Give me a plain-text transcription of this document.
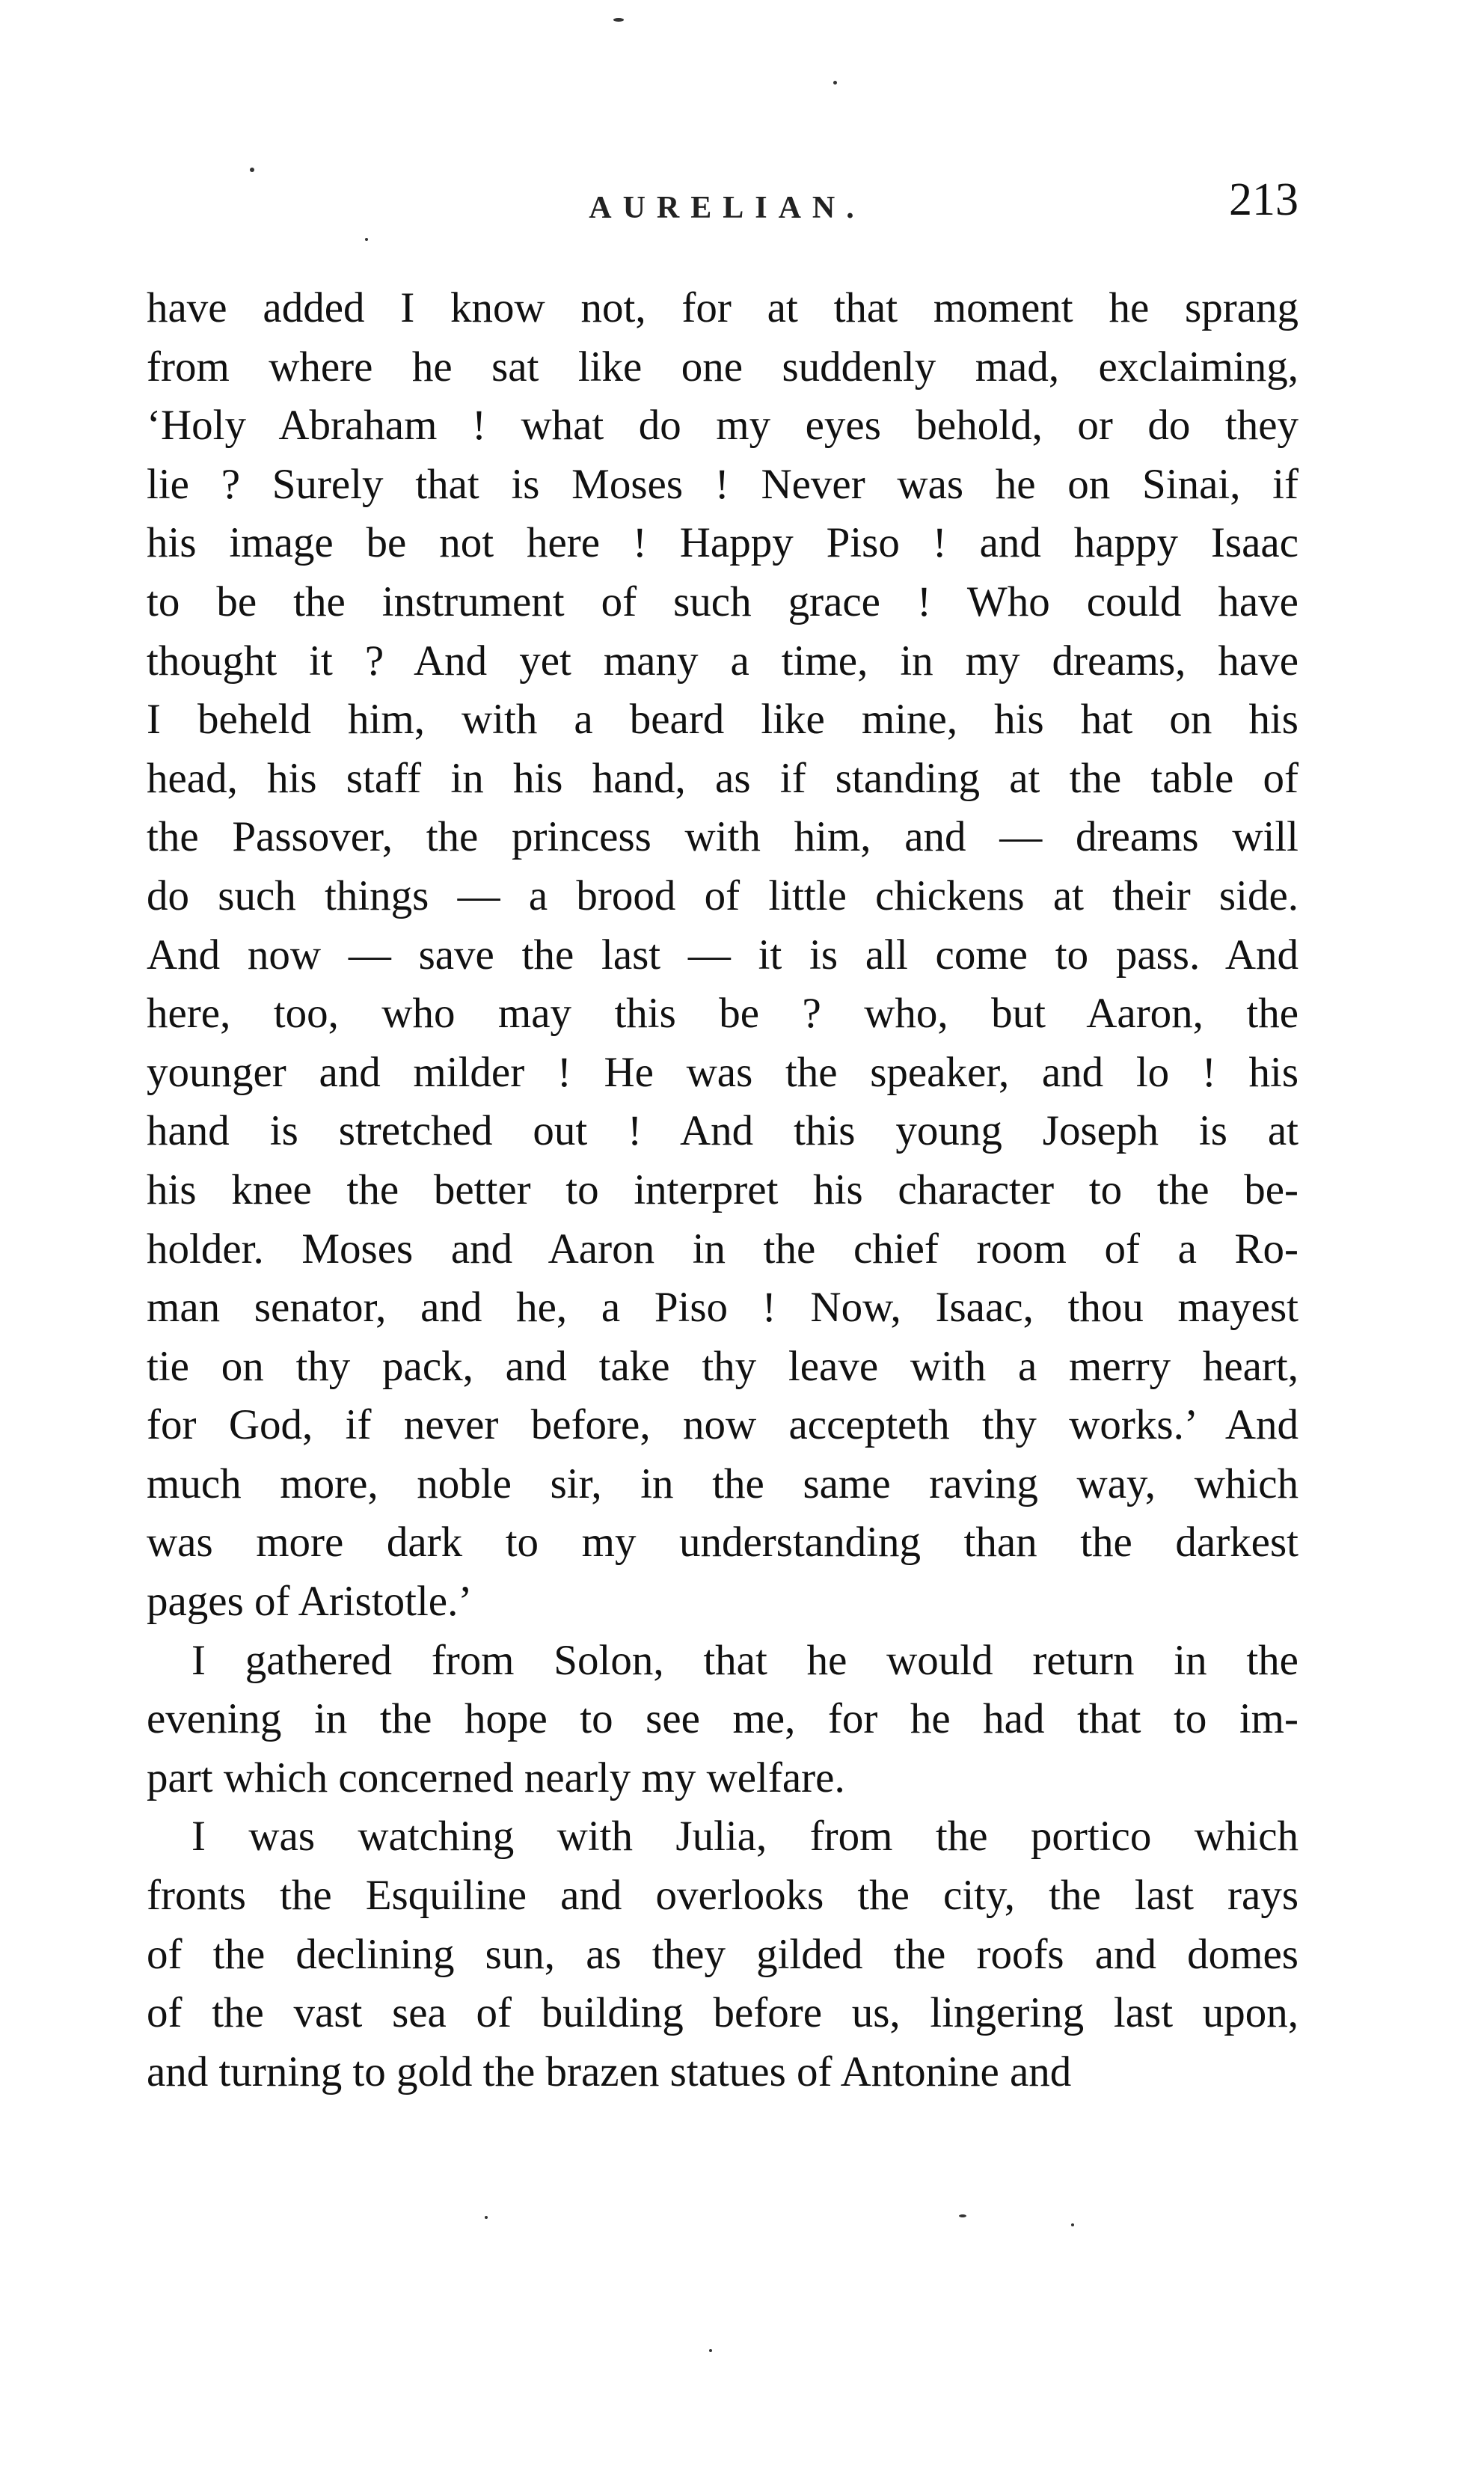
AURELIAN.	213
have added I know not, for at that moment he sprang
from where he sat like one suddenly mad, exclaiming,
‘Holy Abraham ! what do my eyes behold, or do they
lie ? Surely that is Moses ! Never was he on Sinai, if
his image be not here ! Happy Piso ! and happy Isaac
to be the instrument of such grace ! Who could have
thought it ? And yet many a time, in my dreams, have
I beheld him, with a beard like mine, his hat on his
head, his staff in his hand, as if standing at the table of
the Passover, the princess with him, and — dreams will
do such things — a brood of little chickens at their side.
And now — save the last — it is all come to pass. And
here, too, who may this be ? who, but Aaron, the
younger and milder ! He was the speaker, and lo ! his
hand is stretched out ! And this young Joseph is at
his knee the better to interpret his character to the be-
holder. Moses and Aaron in the chief room of a Ro-
man senator, and he, a Piso ! Now, Isaac, thou mayest
tie on thy pack, and take thy leave with a merry heart,
for God, if never before, now accepteth thy works.’ And
much more, noble sir, in the same raving way, which
was more dark to my understanding than the darkest
pages of Aristotle.’
I gathered from Solon, that he would return in the
evening in the hope to see me, for he had that to im-
part which concerned nearly my welfare.
I was watching with Julia, from the portico which
fronts the Esquiline and overlooks the city, the last rays
of the declining sun, as they gilded the roofs and domes
of the vast sea of building before us, lingering last upon,
and turning to gold the brazen statues of Antonine and
